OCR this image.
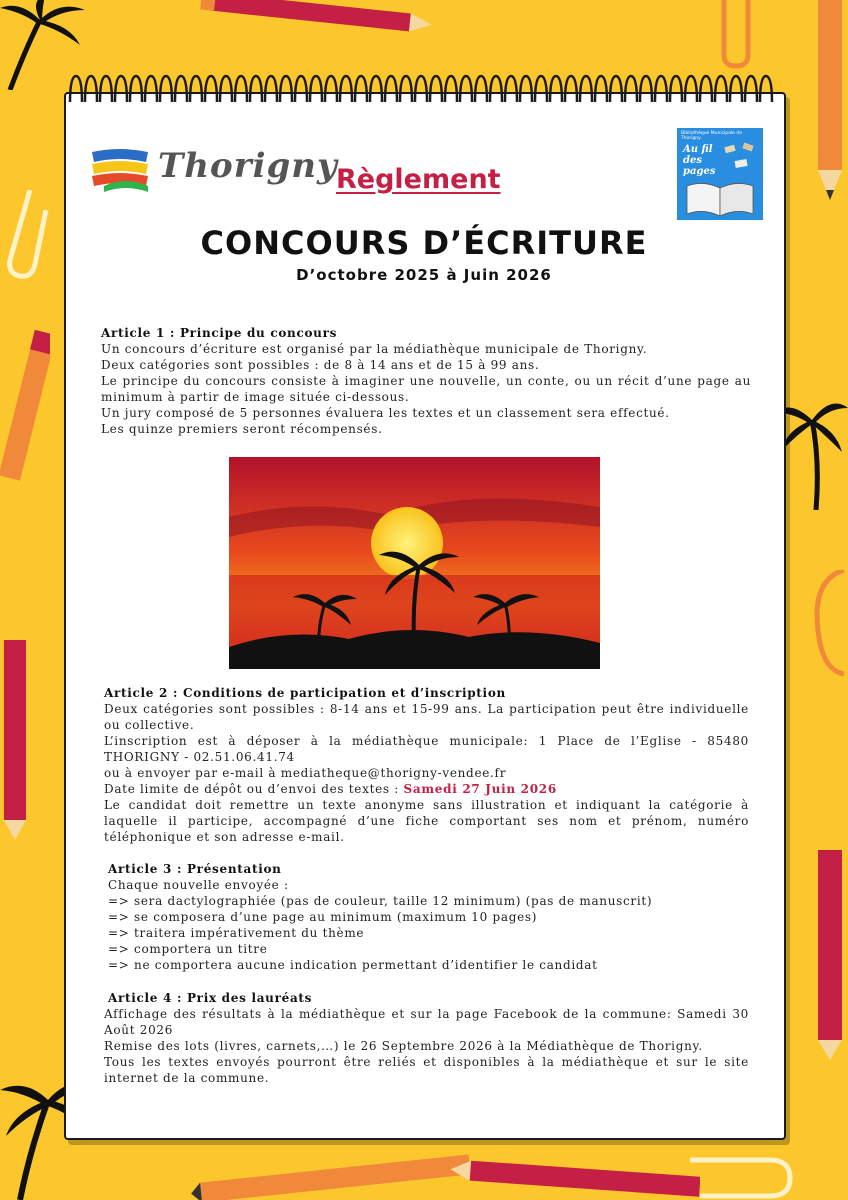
Thorigny
Règlement
Bibliothèque Municipale de Thorigny
Au fil des pages
CONCOURS D’ÉCRITURE
D’octobre 2025 à Juin 2026

Article 1 : Principe du concours

Un concours d’écriture est organisé par la médiathèque municipale de Thorigny.

Deux catégories sont possibles : de 8 à 14 ans et de 15 à 99 ans.

Le principe du concours consiste à imaginer une nouvelle, un conte, ou un récit d’une page au minimum à partir de image située ci-dessous.

Un jury composé de 5 personnes évaluera les textes et un classement sera effectué.

Les quinze premiers seront récompensés.

Article 2 : Conditions de participation et d’inscription

Deux catégories sont possibles : 8-14 ans et 15-99 ans. La participation peut être individuelle ou collective.

L’inscription est à déposer à la médiathèque municipale: 1 Place de l’Eglise - 85480 THORIGNY - 02.51.06.41.74

ou à envoyer par e-mail à mediatheque@thorigny-vendee.fr

Date limite de dépôt ou d’envoi des textes : Samedi 27 Juin 2026

Le candidat doit remettre un texte anonyme sans illustration et indiquant la catégorie à laquelle il participe, accompagné d’une fiche comportant ses nom et prénom, numéro téléphonique et son adresse e-mail.

Article 3 : Présentation

Chaque nouvelle envoyée :

=> sera dactylographiée (pas de couleur, taille 12 minimum) (pas de manuscrit)

=> se composera d’une page au minimum (maximum 10 pages)

=> traitera impérativement du thème

=> comportera un titre

=> ne comportera aucune indication permettant d’identifier le candidat

Article 4 : Prix des lauréats

Affichage des résultats à la médiathèque et sur la page Facebook de la commune: Samedi 30 Août 2026

Remise des lots (livres, carnets,…) le 26 Septembre 2026 à la Médiathèque de Thorigny.

Tous les textes envoyés pourront être reliés et disponibles à la médiathèque et sur le site internet de la commune.
